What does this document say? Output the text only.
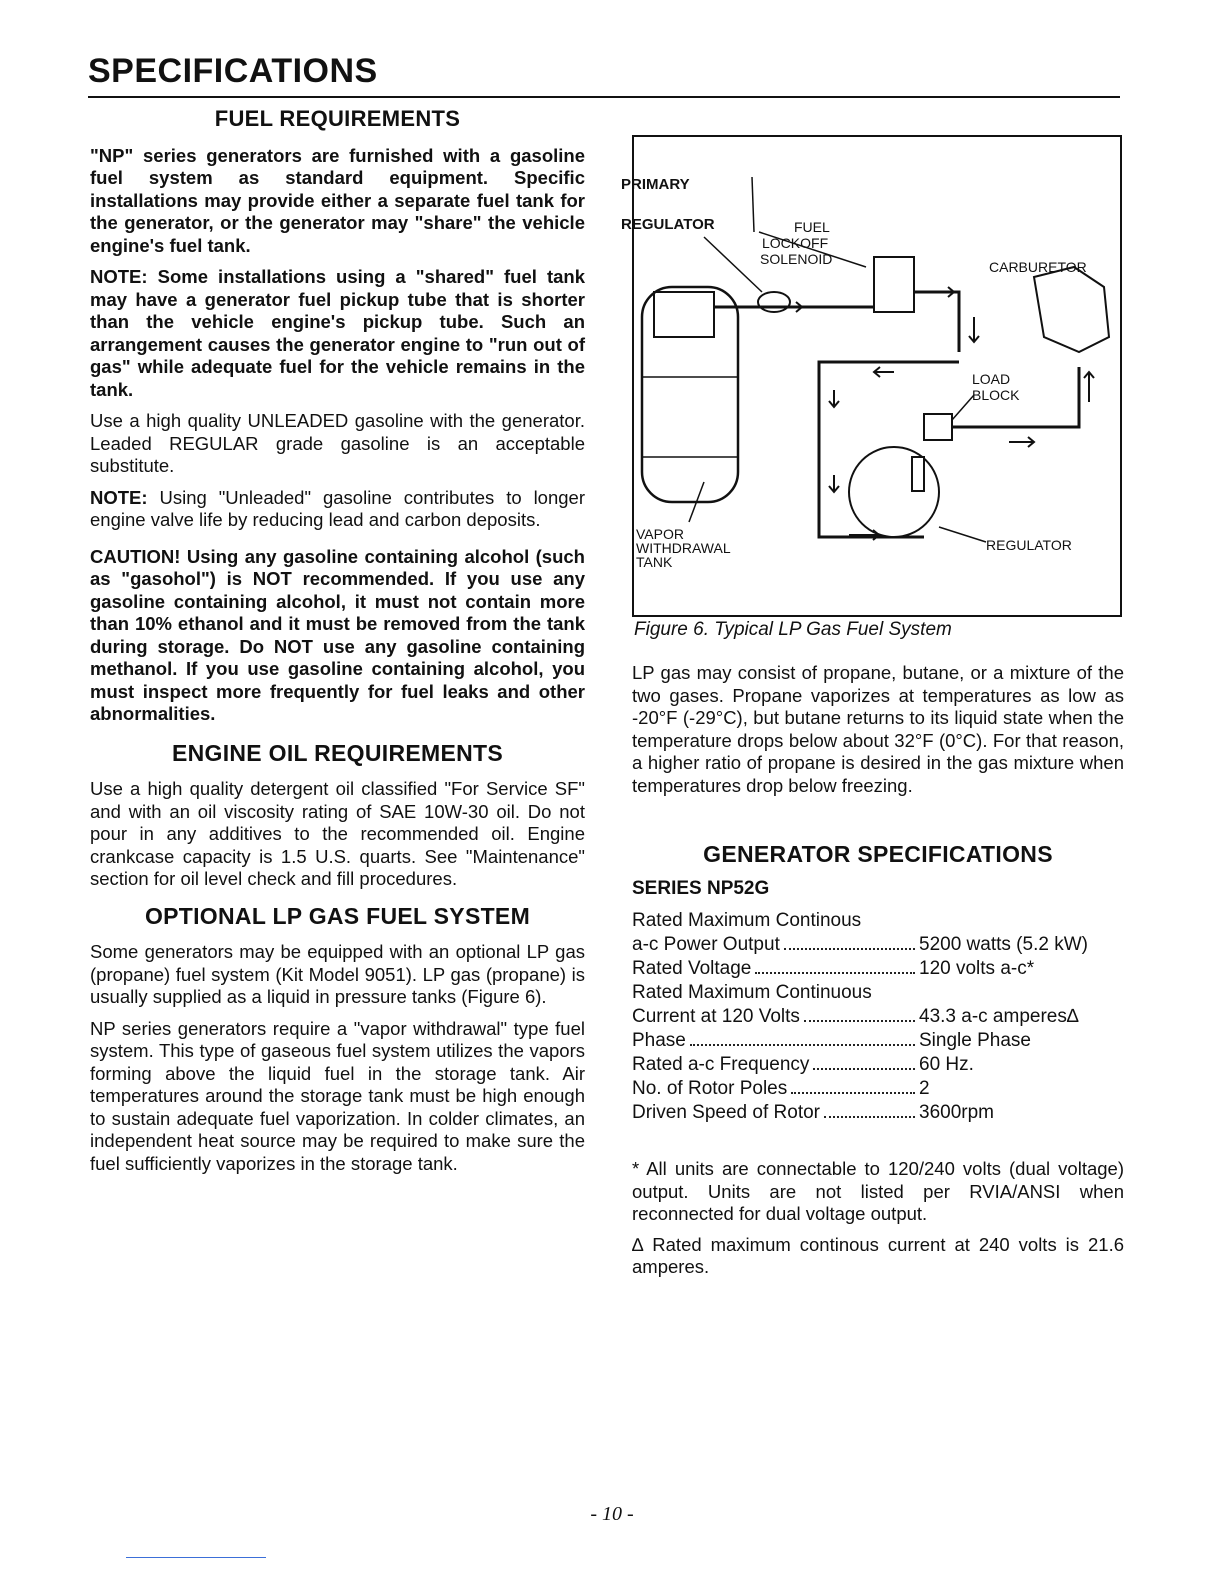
SPECIFICATIONS
FUEL REQUIREMENTS

"NP" series generators are furnished with a gasoline fuel system as standard equipment. Specific installations may provide either a separate fuel tank for the generator, or the generator may "share" the vehicle engine's fuel tank.

NOTE: Some installations using a "shared" fuel tank may have a generator fuel pickup tube that is shorter than the vehicle engine's pickup tube. Such an arrangement causes the generator engine to "run out of gas" while adequate fuel for the vehicle remains in the tank.

Use a high quality UNLEADED gasoline with the generator. Leaded REGULAR grade gasoline is an acceptable substitute.

NOTE: Using "Unleaded" gasoline contributes to longer engine valve life by reducing lead and carbon deposits.

CAUTION! Using any gasoline containing alcohol (such as "gasohol") is NOT recommended. If you use any gasoline containing alcohol, it must not contain more than 10% ethanol and it must be removed from the tank during storage. Do NOT use any gasoline containing methanol. If you use gasoline containing alcohol, you must inspect more frequently for fuel leaks and other abnormalities.

ENGINE OIL REQUIREMENTS

Use a high quality detergent oil classified "For Service SF" and with an oil viscosity rating of SAE 10W-30 oil. Do not pour in any additives to the recommended oil. Engine crankcase capacity is 1.5 U.S. quarts. See "Maintenance" section for oil level check and fill procedures.

OPTIONAL LP GAS FUEL SYSTEM

Some generators may be equipped with an optional LP gas (propane) fuel system (Kit Model 9051). LP gas (propane) is usually supplied as a liquid in pressure tanks (Figure 6).

NP series generators require a "vapor withdrawal" type fuel system. This type of gaseous fuel system utilizes the vapors forming above the liquid fuel in the storage tank. Air temperatures around the storage tank must be high enough to sustain adequate fuel vaporization. In colder climates, an independent heat source may be required to make sure the fuel sufficiently vaporizes in the storage tank.

PRIMARY
REGULATOR	FUEL
LOCKOFF
SOLENOID	CARBURETOR
LOAD
BLOCK
VAPOR
WITHDRAWAL
TANK
REGULATOR
Figure 6. Typical LP Gas Fuel System

LP gas may consist of propane, butane, or a mixture of the two gases. Propane vaporizes at temperatures as low as -20°F (-29°C), but butane returns to its liquid state when the temperature drops below about 32°F (0°C). For that reason, a higher ratio of propane is desired in the gas mixture when temperatures drop below freezing.

GENERATOR SPECIFICATIONS
SERIES NP52G
Rated Maximum Continous
a-c Power Output	5200 watts (5.2 kW)
Rated Voltage	120 volts a-c*
Rated Maximum Continuous
Current at 120 Volts	43.3 a-c amperes∆
Phase	Single Phase
Rated a-c Frequency	60 Hz.
No. of Rotor Poles	2
Driven Speed of Rotor	3600rpm

* All units are connectable to 120/240 volts (dual voltage) output. Units are not listed per RVIA/ANSI when reconnected for dual voltage output.

∆ Rated maximum continous current at 240 volts is 21.6 amperes.

- 10 -
